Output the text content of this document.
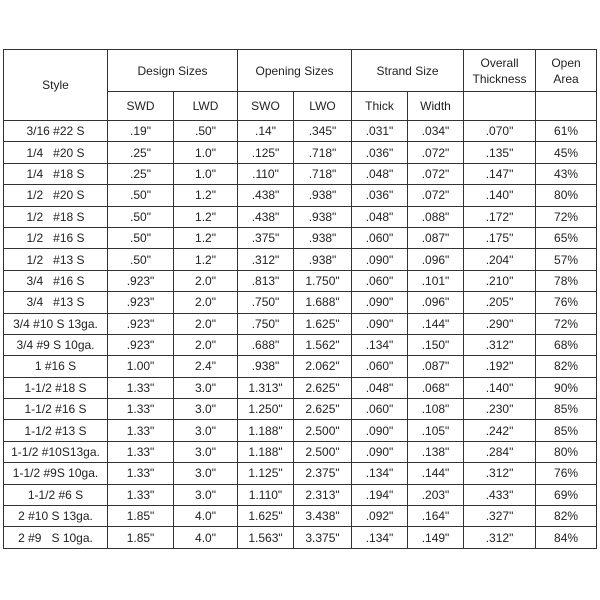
Style	Design Sizes		Opening Sizes		Strand Size		Overall
Thickness	Open
Area
	SWD	LWD	SWO	LWO	Thick	Width		
3/16 #22 S	.19"	.50"	.14"	.345"	.031"	.034"	.070"	61%
1/4   #20 S	.25"	1.0"	.125"	.718"	.036"	.072"	.135"	45%
1/4   #18 S	.25"	1.0"	.110"	.718"	.048"	.072"	.147"	43%
1/2   #20 S	.50"	1.2"	.438"	.938"	.036"	.072"	.140"	80%
1/2   #18 S	.50"	1.2"	.438"	.938"	.048"	.088"	.172"	72%
1/2   #16 S	.50"	1.2"	.375"	.938"	.060"	.087"	.175"	65%
1/2   #13 S	.50"	1.2"	.312"	.938"	.090"	.096"	.204"	57%
3/4   #16 S	.923"	2.0"	.813"	1.750"	.060"	.101"	.210"	78%
3/4   #13 S	.923"	2.0"	.750"	1.688"	.090"	.096"	.205"	76%
3/4 #10 S 13ga.	.923"	2.0"	.750"	1.625"	.090"	.144"	.290"	72%
3/4 #9 S 10ga.	.923"	2.0"	.688"	1.562"	.134"	.150"	.312"	68%
1 #16 S	1.00"	2.4"	.938"	2.062"	.060"	.087"	.192"	82%
1-1/2 #18 S	1.33"	3.0"	1.313"	2.625"	.048"	.068"	.140"	90%
1-1/2 #16 S	1.33"	3.0"	1.250"	2.625"	.060"	.108"	.230"	85%
1-1/2 #13 S	1.33"	3.0"	1.188"	2.500"	.090"	.105"	.242"	85%
1-1/2 #10S13ga.	1.33"	3.0"	1.188"	2.500"	.090"	.138"	.284"	80%
1-1/2 #9S 10ga.	1.33"	3.0"	1.125"	2.375"	.134"	.144"	.312"	76%
1-1/2 #6 S	1.33"	3.0"	1.110"	2.313"	.194"	.203"	.433"	69%
2 #10 S 13ga.	1.85"	4.0"	1.625"	3.438"	.092"	.164"	.327"	82%
2 #9   S 10ga.	1.85"	4.0"	1.563"	3.375"	.134"	.149"	.312"	84%
